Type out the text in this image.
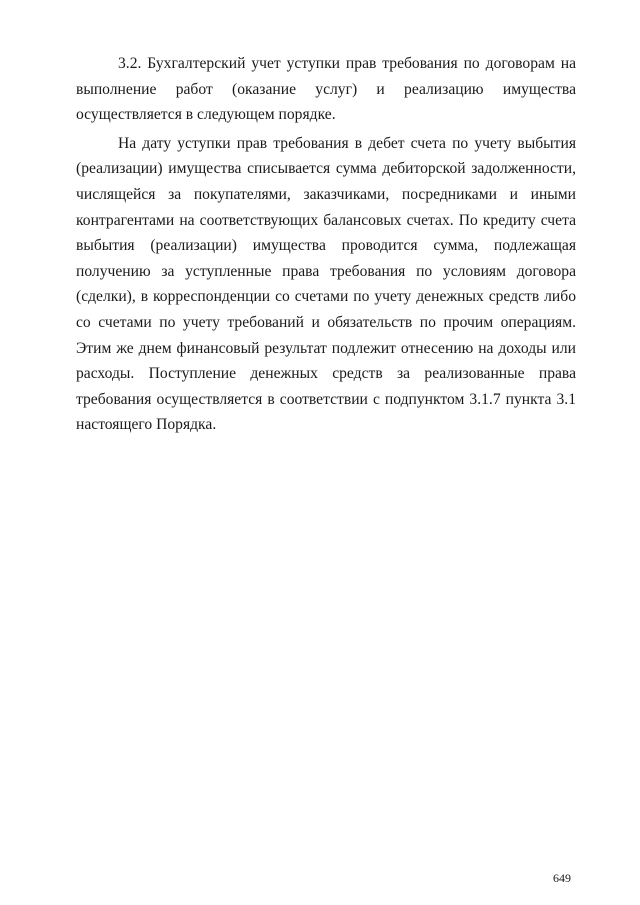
3.2. Бухгалтерский учет уступки прав требования по договорам на выполнение работ (оказание услуг) и реализацию имущества осуществляется в следующем порядке.

На дату уступки прав требования в дебет счета по учету выбытия (реализации) имущества списывается сумма дебиторской задолженности, числящейся за покупателями, заказчиками, посредниками и иными контрагентами на соответствующих балансовых счетах. По кредиту счета выбытия (реализации) имущества проводится сумма, подлежащая получению за уступленные права требования по условиям договора (сделки), в корреспонденции со счетами по учету денежных средств либо со счетами по учету требований и обязательств по прочим операциям. Этим же днем финансовый результат подлежит отнесению на доходы или расходы. Поступление денежных средств за реализованные права требования осуществляется в соответствии с подпунктом 3.1.7 пункта 3.1 настоящего Порядка.

649
